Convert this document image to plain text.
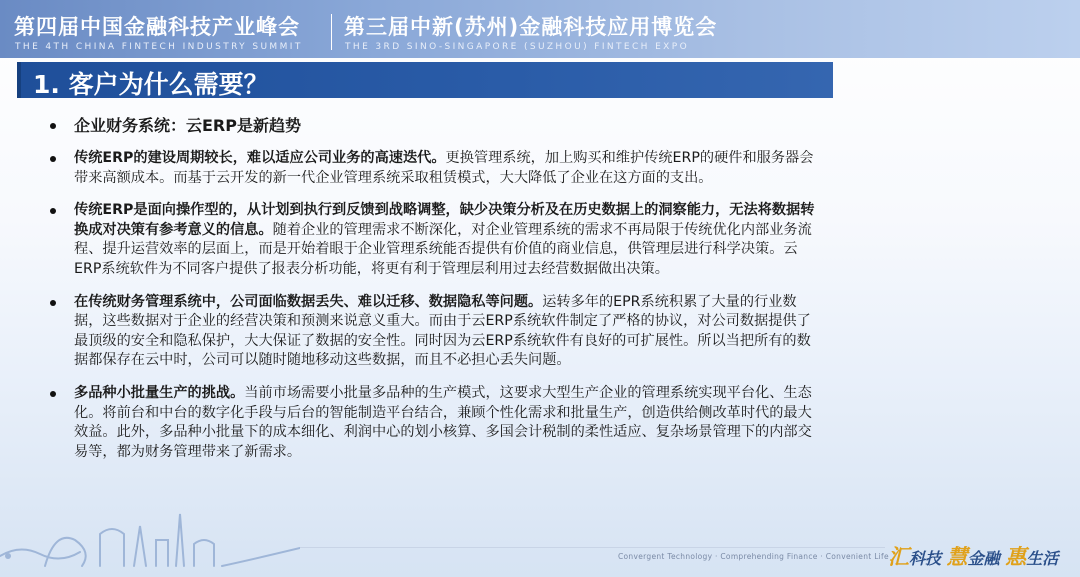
第四届中国金融科技产业峰会
THE 4TH CHINA FINTECH INDUSTRY SUMMIT
第三届中新(苏州)金融科技应用博览会
THE 3RD SINO-SINGAPORE (SUZHOU) FINTECH EXPO
1. 客户为什么需要？
企业财务系统：云ERP是新趋势
传统ERP的建设周期较长，难以适应公司业务的高速迭代。更换管理系统，加上购买和维护传统ERP的硬件和服务器会带来高额成本。而基于云开发的新一代企业管理系统采取租赁模式，大大降低了企业在这方面的支出。
传统ERP是面向操作型的，从计划到执行到反馈到战略调整，缺少决策分析及在历史数据上的洞察能力，无法将数据转换成对决策有参考意义的信息。随着企业的管理需求不断深化，对企业管理系统的需求不再局限于传统优化内部业务流程、提升运营效率的层面上，而是开始着眼于企业管理系统能否提供有价值的商业信息，供管理层进行科学决策。云ERP系统软件为不同客户提供了报表分析功能，将更有利于管理层利用过去经营数据做出决策。
在传统财务管理系统中，公司面临数据丢失、难以迁移、数据隐私等问题。运转多年的EPR系统积累了大量的行业数据，这些数据对于企业的经营决策和预测来说意义重大。而由于云ERP系统软件制定了严格的协议，对公司数据提供了最顶级的安全和隐私保护，大大保证了数据的安全性。同时因为云ERP系统软件有良好的可扩展性。所以当把所有的数据都保存在云中时，公司可以随时随地移动这些数据，而且不必担心丢失问题。
多品种小批量生产的挑战。当前市场需要小批量多品种的生产模式，这要求大型生产企业的管理系统实现平台化、生态化。将前台和中台的数字化手段与后台的智能制造平台结合，兼顾个性化需求和批量生产，创造供给侧改革时代的最大效益。此外，多品种小批量下的成本细化、利润中心的划小核算、多国会计税制的柔性适应、复杂场景管理下的内部交易等，都为财务管理带来了新需求。
Convergent Technology · Comprehending Finance · Convenient Life 汇科技 慧金融 惠生活
